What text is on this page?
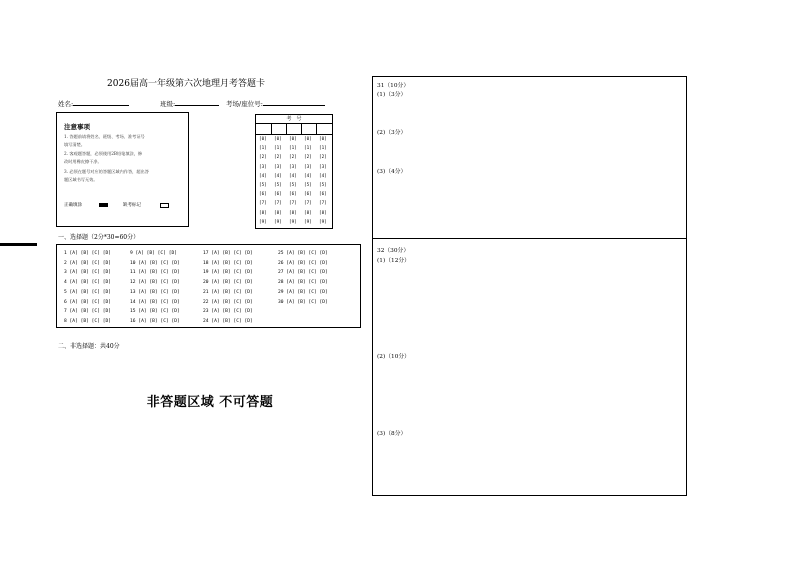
2026届高一年级第六次地理月考答题卡
姓名:	班级:	考场/座位号:
注意事项
1. 答题前请将姓名、班级、考场、准考证号
填写清楚。
2. 客观题答题，必须使用2B铅笔填涂，修
改时用橡皮擦干净。
3. 必须在题号对应的答题区域内作答，超出答
题区域书写无效。
正确填涂	缺考标记
考　号
[0] [0] [0] [0] [0]
[1] [1] [1] [1] [1]
[2] [2] [2] [2] [2]
[3] [3] [3] [3] [3]
[4] [4] [4] [4] [4]
[5] [5] [5] [5] [5]
[6] [6] [6] [6] [6]
[7] [7] [7] [7] [7]
[8] [8] [8] [8] [8]
[9] [9] [9] [9] [9]
一、选择题（2分*30=60分）
1 [A] [B] [C] [D]
2 [A] [B] [C] [D]
3 [A] [B] [C] [D]
4 [A] [B] [C] [D]
5 [A] [B] [C] [D]
6 [A] [B] [C] [D]
7 [A] [B] [C] [D]
8 [A] [B] [C] [D]
9 [A] [B] [C] [D]
10 [A] [B] [C] [D]
11 [A] [B] [C] [D]
12 [A] [B] [C] [D]
13 [A] [B] [C] [D]
14 [A] [B] [C] [D]
15 [A] [B] [C] [D]
16 [A] [B] [C] [D]
17 [A] [B] [C] [D]
18 [A] [B] [C] [D]
19 [A] [B] [C] [D]
20 [A] [B] [C] [D]
21 [A] [B] [C] [D]
22 [A] [B] [C] [D]
23 [A] [B] [C] [D]
24 [A] [B] [C] [D]
25 [A] [B] [C] [D]
26 [A] [B] [C] [D]
27 [A] [B] [C] [D]
28 [A] [B] [C] [D]
29 [A] [B] [C] [D]
30 [A] [B] [C] [D]
二、非选择题：共40分
非答题区域 不可答题
31（10分）
(1)（3分）
(2)（3分）
(3)（4分）
32（30分）
(1)（12分）
(2)（10分）
(3)（8分）
